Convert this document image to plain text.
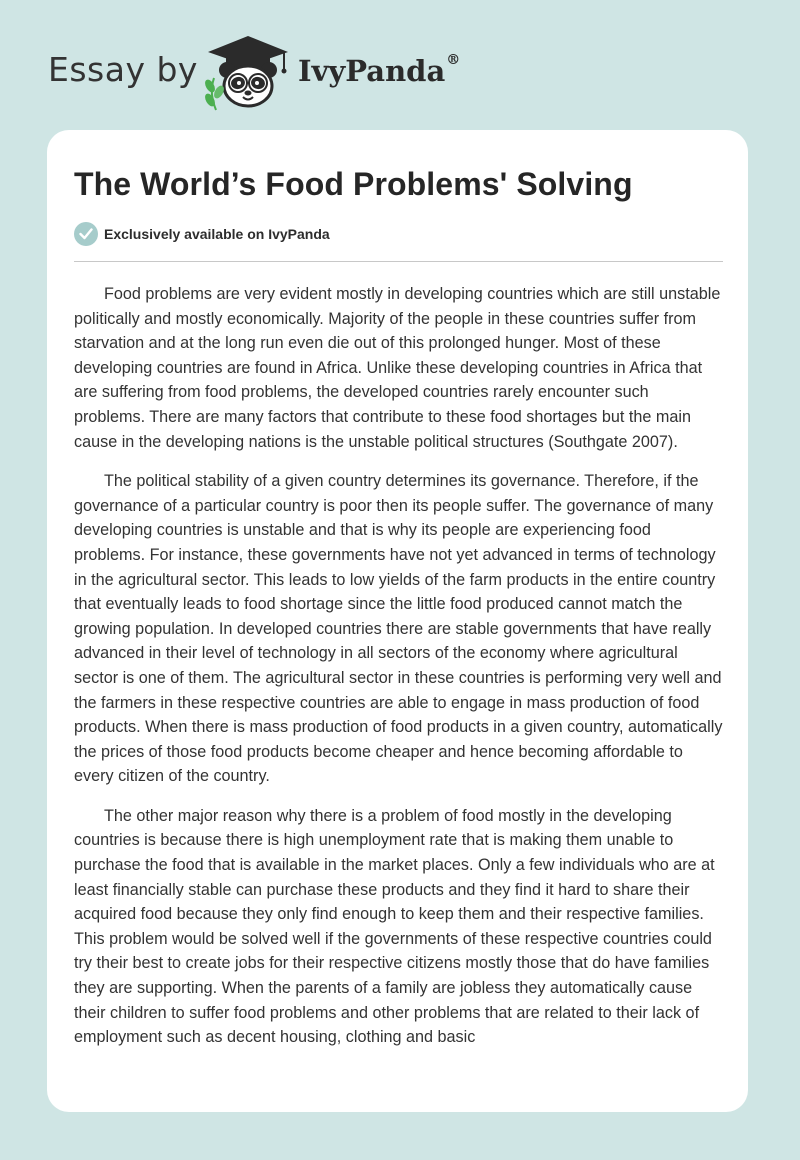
Essay by	IvyPanda®
The World’s Food Problems' Solving
Exclusively available on IvyPanda

Food problems are very evident mostly in developing countries which are still unstable politically and mostly economically. Majority of the people in these countries suffer from starvation and at the long run even die out of this prolonged hunger. Most of these developing countries are found in Africa. Unlike these developing countries in Africa that are suffering from food problems, the developed countries rarely encounter such problems. There are many factors that contribute to these food shortages but the main cause in the developing nations is the unstable political structures (Southgate 2007).

The political stability of a given country determines its governance. Therefore, if the governance of a particular country is poor then its people suffer. The governance of many developing countries is unstable and that is why its people are experiencing food problems. For instance, these governments have not yet advanced in terms of technology in the agricultural sector. This leads to low yields of the farm products in the entire country that eventually leads to food shortage since the little food produced cannot match the growing population. In developed countries there are stable governments that have really advanced in their level of technology in all sectors of the economy where agricultural sector is one of them. The agricultural sector in these countries is performing very well and the farmers in these respective countries are able to engage in mass production of food products. When there is mass production of food products in a given country, automatically the prices of those food products become cheaper and hence becoming affordable to every citizen of the country.

The other major reason why there is a problem of food mostly in the developing countries is because there is high unemployment rate that is making them unable to purchase the food that is available in the market places. Only a few individuals who are at least financially stable can purchase these products and they find it hard to share their acquired food because they only find enough to keep them and their respective families. This problem would be solved well if the governments of these respective countries could try their best to create jobs for their respective citizens mostly those that do have families they are supporting. When the parents of a family are jobless they automatically cause their children to suffer food problems and other problems that are related to their lack of employment such as decent housing, clothing and basic
